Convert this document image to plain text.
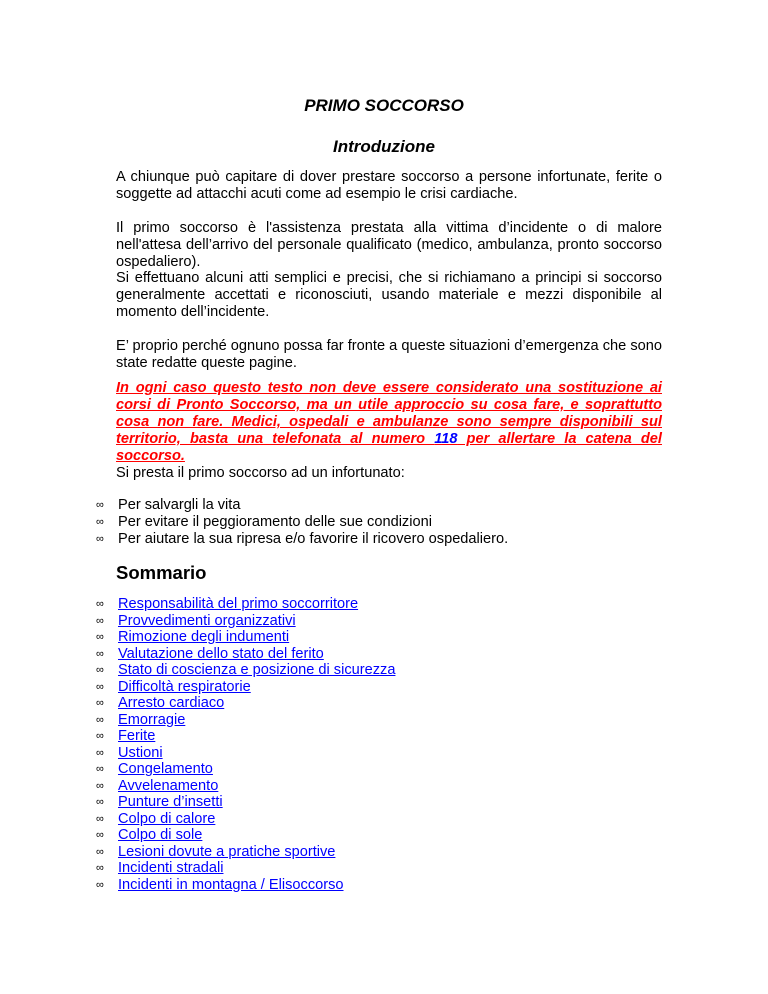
PRIMO SOCCORSO
Introduzione

A chiunque può capitare di dover prestare soccorso a persone infortunate, ferite o soggette ad attacchi acuti come ad esempio le crisi cardiache.

Il primo soccorso è l'assistenza prestata alla vittima d’incidente o di malore nell'attesa dell’arrivo del personale qualificato (medico, ambulanza, pronto soccorso ospedaliero).

Si effettuano alcuni atti semplici e precisi, che si richiamano a principi si soccorso generalmente accettati e riconosciuti, usando materiale e mezzi disponibile al momento dell’incidente.

E’ proprio perché ognuno possa far fronte a queste situazioni d’emergenza che sono state redatte queste pagine.

In ogni caso questo testo non deve essere considerato una sostituzione ai corsi di Pronto Soccorso, ma un utile approccio su cosa fare, e soprattutto cosa non fare. Medici, ospedali e ambulanze sono sempre disponibili sul territorio, basta una telefonata al numero 118 per allertare la catena del soccorso.

Si presta il primo soccorso ad un infortunato:

∞ Per salvargli la vita
∞ Per evitare il peggioramento delle sue condizioni
∞ Per aiutare la sua ripresa e/o favorire il ricovero ospedaliero.
Sommario
∞ Responsabilità del primo soccorritore
∞ Provvedimenti organizzativi
∞ Rimozione degli indumenti
∞ Valutazione dello stato del ferito
∞ Stato di coscienza e posizione di sicurezza
∞ Difficoltà respiratorie
∞ Arresto cardiaco
∞ Emorragie
∞ Ferite
∞ Ustioni
∞ Congelamento
∞ Avvelenamento
∞ Punture d’insetti
∞ Colpo di calore
∞ Colpo di sole
∞ Lesioni dovute a pratiche sportive
∞ Incidenti stradali
∞ Incidenti in montagna / Elisoccorso
